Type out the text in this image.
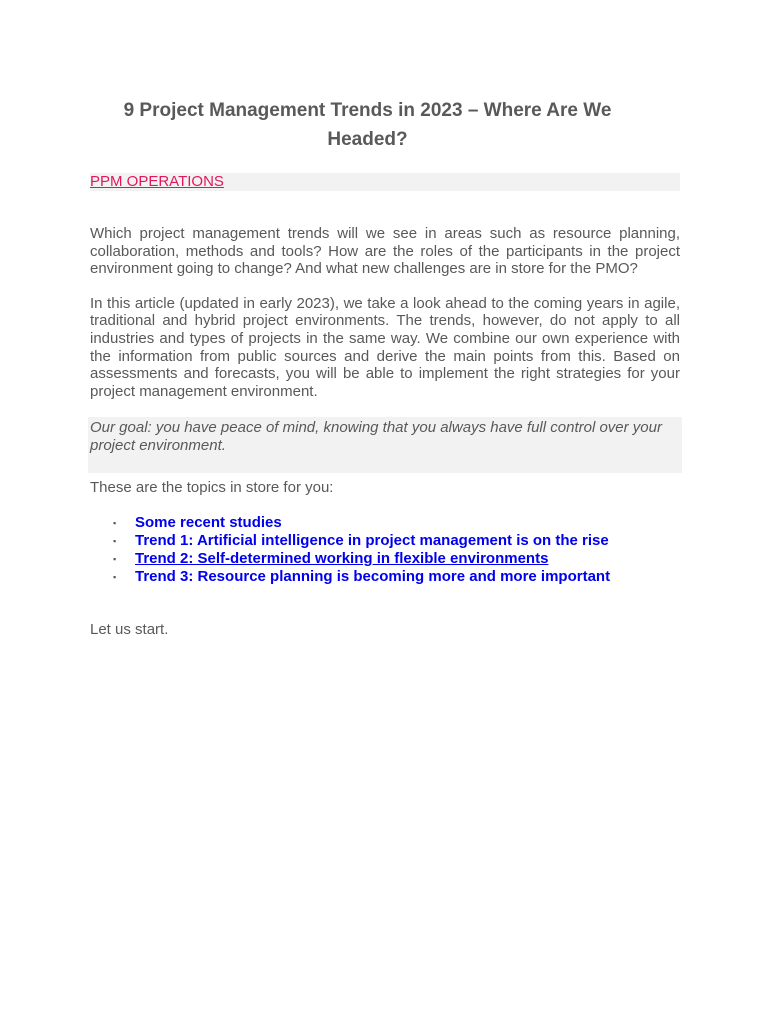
9 Project Management Trends in 2023 – Where Are We Headed?
PPM OPERATIONS

Which project management trends will we see in areas such as resource planning, collaboration, methods and tools? How are the roles of the participants in the project environment going to change? And what new challenges are in store for the PMO?

In this article (updated in early 2023), we take a look ahead to the coming years in agile, traditional and hybrid project environments. The trends, however, do not apply to all industries and types of projects in the same way. We combine our own experience with the information from public sources and derive the main points from this. Based on assessments and forecasts, you will be able to implement the right strategies for your project management environment.

Our goal: you have peace of mind, knowing that you always have full control over your project environment.

These are the topics in store for you:

▪ Some recent studies
▪ Trend 1: Artificial intelligence in project management is on the rise
▪ Trend 2: Self-determined working in flexible environments
▪ Trend 3: Resource planning is becoming more and more important

Let us start.
